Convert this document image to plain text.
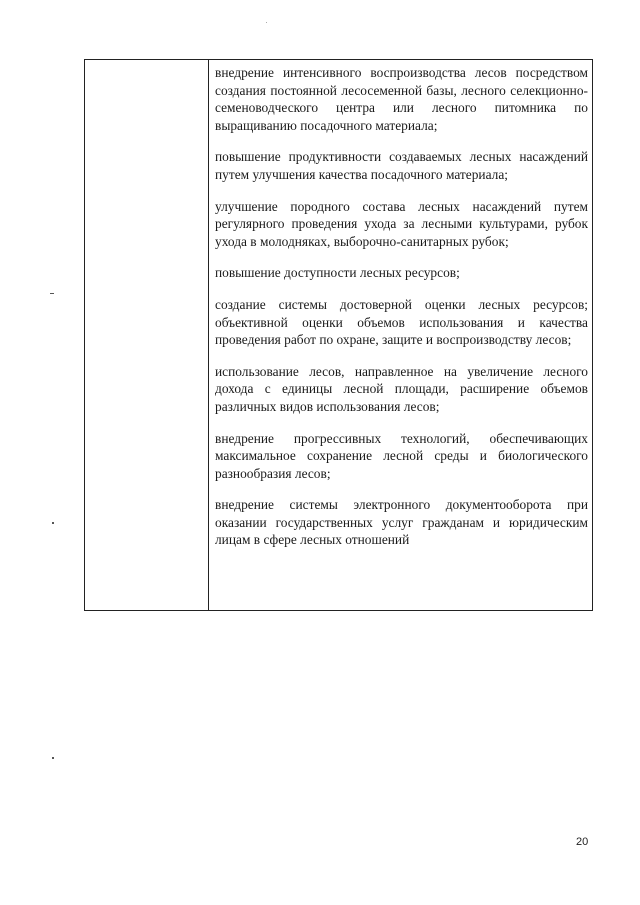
внедрение интенсивного воспроизводства лесов посредством создания постоянной лесосеменной базы, лесного селекционно-семеноводческого центра или лесного питомника по выращиванию посадочного материала;

повышение продуктивности создаваемых лесных насаждений путем улучшения качества посадочного материала;

улучшение породного состава лесных насаждений путем регулярного проведения ухода за лесными культурами, рубок ухода в молодняках, выборочно-санитарных рубок;

повышение доступности лесных ресурсов;

создание системы достоверной оценки лесных ресурсов; объективной оценки объемов использования и качества проведения работ по охране, защите и воспроизводству лесов;

использование лесов, направленное на увеличение лесного дохода с единицы лесной площади, расширение объемов различных видов использования лесов;

внедрение прогрессивных технологий, обеспечивающих максимальное сохранение лесной среды и биологического разнообразия лесов;

внедрение системы электронного документооборота при оказании государственных услуг гражданам и юридическим лицам в сфере лесных отношений

20
